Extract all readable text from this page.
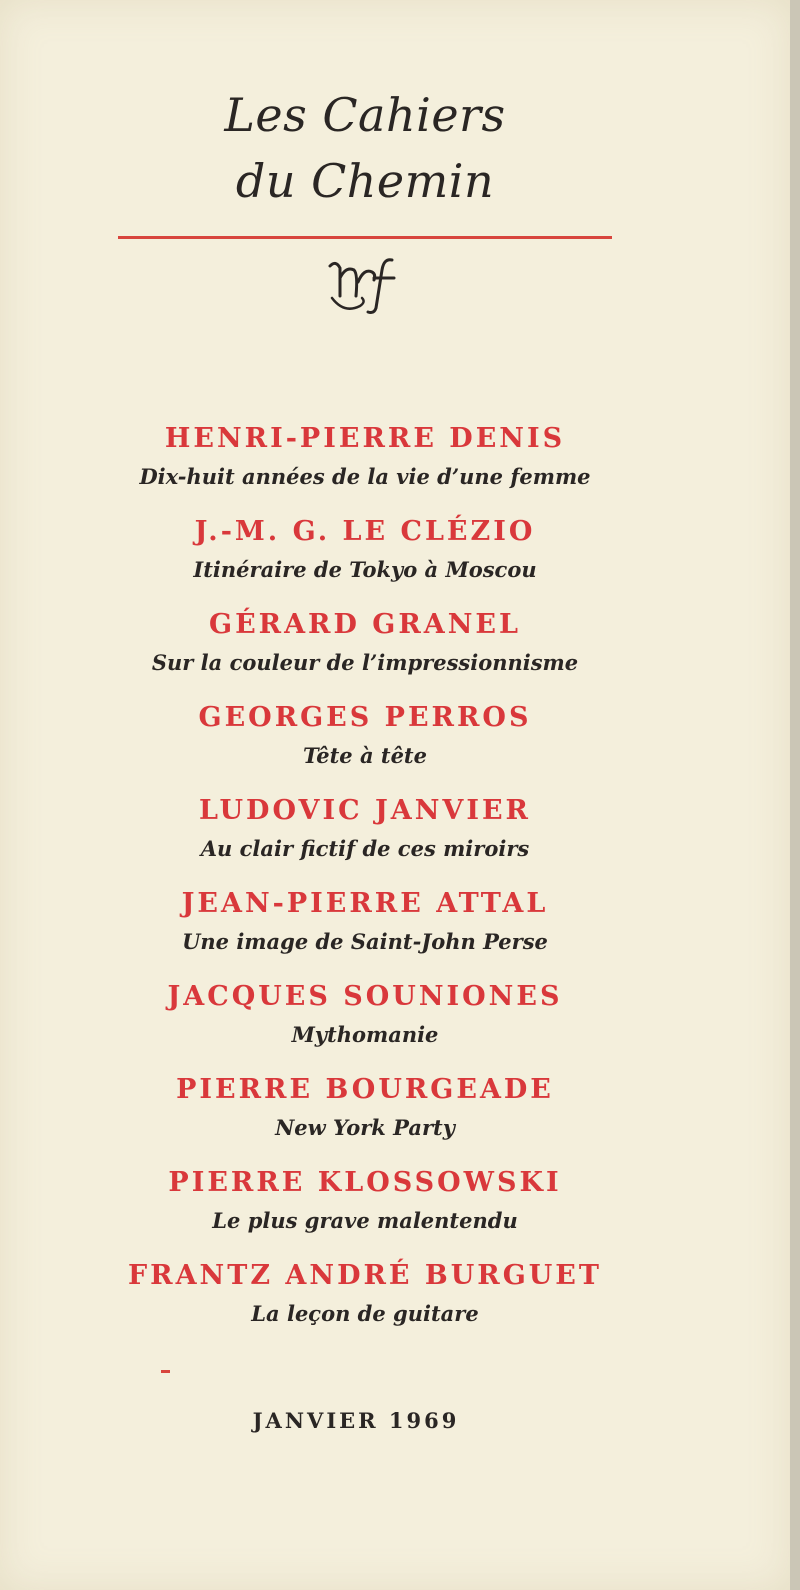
Les Cahiers
du Chemin
HENRI-PIERRE DENIS
Dix-huit années de la vie d’une femme
J.-M. G. LE CLÉZIO
Itinéraire de Tokyo à Moscou
GÉRARD GRANEL
Sur la couleur de l’impressionnisme
GEORGES PERROS
Tête à tête
LUDOVIC JANVIER
Au clair fictif de ces miroirs
JEAN-PIERRE ATTAL
Une image de Saint-John Perse
JACQUES SOUNIONES
Mythomanie
PIERRE BOURGEADE
New York Party
PIERRE KLOSSOWSKI
Le plus grave malentendu
FRANTZ ANDRÉ BURGUET
La leçon de guitare
JANVIER 1969
